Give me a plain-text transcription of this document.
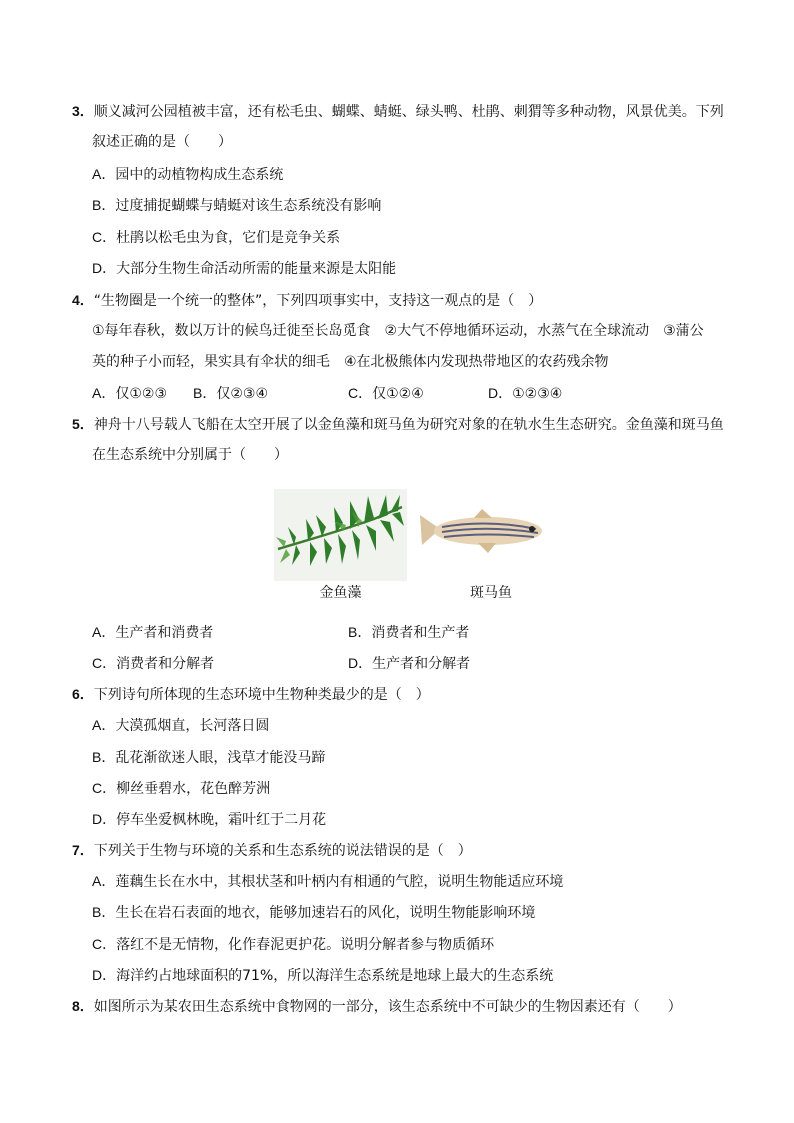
3．顺义减河公园植被丰富，还有松毛虫、蝴蝶、蜻蜓、绿头鸭、杜鹃、刺猬等多种动物，风景优美。下列
叙述正确的是（　　）
A．园中的动植物构成生态系统
B．过度捕捉蝴蝶与蜻蜓对该生态系统没有影响
C．杜鹃以松毛虫为食，它们是竞争关系
D．大部分生物生命活动所需的能量来源是太阳能
4．“生物圈是一个统一的整体”，下列四项事实中，支持这一观点的是（　）
①每年春秋，数以万计的候鸟迁徙至长岛觅食　②大气不停地循环运动，水蒸气在全球流动　③蒲公
英的种子小而轻，果实具有伞状的细毛　④在北极熊体内发现热带地区的农药残余物
A．仅①②③ B．仅②③④	C．仅①②④	D．①②③④
5．神舟十八号载人飞船在太空开展了以金鱼藻和斑马鱼为研究对象的在轨水生生态研究。金鱼藻和斑马鱼
在生态系统中分别属于（　　）
金鱼藻	斑马鱼
A．生产者和消费者	B．消费者和生产者
C．消费者和分解者	D．生产者和分解者
6．下列诗句所体现的生态环境中生物种类最少的是（　）
A．大漠孤烟直，长河落日圆
B．乱花渐欲迷人眼，浅草才能没马蹄
C．柳丝垂碧水，花色醉芳洲
D．停车坐爱枫林晚，霜叶红于二月花
7．下列关于生物与环境的关系和生态系统的说法错误的是（　）
A．莲藕生长在水中，其根状茎和叶柄内有相通的气腔，说明生物能适应环境
B．生长在岩石表面的地衣，能够加速岩石的风化，说明生物能影响环境
C．落红不是无情物，化作春泥更护花。说明分解者参与物质循环
D．海洋约占地球面积的71%，所以海洋生态系统是地球上最大的生态系统
8．如图所示为某农田生态系统中食物网的一部分，该生态系统中不可缺少的生物因素还有（　　）
